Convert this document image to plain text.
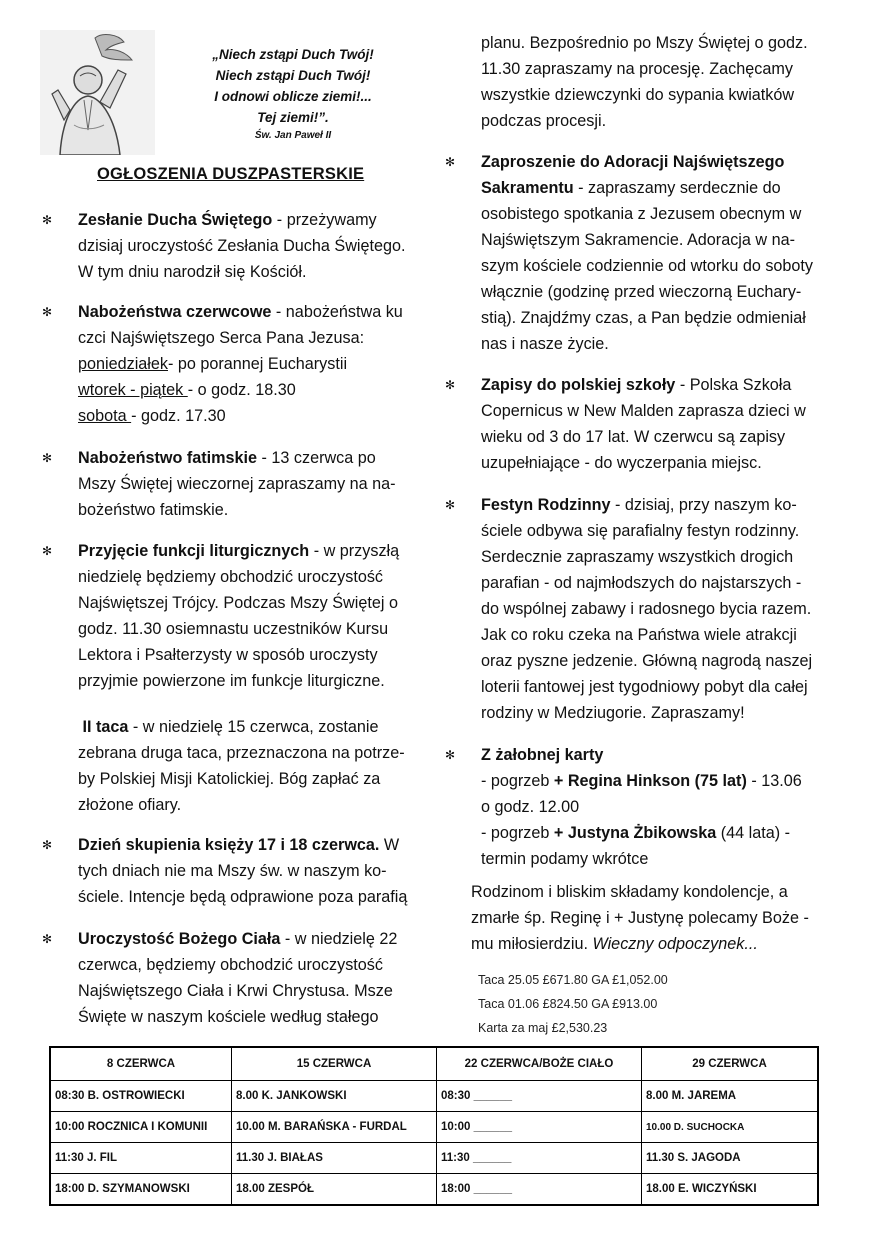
„Niech zstąpi Duch Twój!
Niech zstąpi Duch Twój!
I odnowi oblicze ziemi!...
Tej ziemi!”.
Św. Jan Paweł II
OGŁOSZENIA DUSZPASTERSKIE
✻ Zesłanie Ducha Świętego - przeżywamy
dzisiaj uroczystość Zesłania Ducha Świętego.
W tym dniu narodził się Kościół.
✻ Nabożeństwa czerwcowe - nabożeństwa ku
czci Najświętszego Serca Pana Jezusa:
poniedziałek- po porannej Eucharystii
wtorek - piątek - o godz. 18.30
sobota - godz. 17.30
✻ Nabożeństwo fatimskie - 13 czerwca po
Mszy Świętej wieczornej zapraszamy na na-
bożeństwo fatimskie.
✻ Przyjęcie funkcji liturgicznych - w przyszłą
niedzielę będziemy obchodzić uroczystość
Najświętszej Trójcy. Podczas Mszy Świętej o
godz. 11.30 osiemnastu uczestników Kursu
Lektora i Psałterzysty w sposób uroczysty
przyjmie powierzone im funkcje liturgiczne.
II taca - w niedzielę 15 czerwca, zostanie
zebrana druga taca, przeznaczona na potrze-
by Polskiej Misji Katolickiej. Bóg zapłać za
złożone ofiary.
✻ Dzień skupienia księży 17 i 18 czerwca. W
tych dniach nie ma Mszy św. w naszym ko-
ściele. Intencje będą odprawione poza parafią
✻ Uroczystość Bożego Ciała - w niedzielę 22
czerwca, będziemy obchodzić uroczystość
Najświętszego Ciała i Krwi Chrystusa. Msze
Święte w naszym kościele według stałego
planu. Bezpośrednio po Mszy Świętej o godz.
11.30 zapraszamy na procesję. Zachęcamy
wszystkie dziewczynki do sypania kwiatków
podczas procesji.
✻ Zaproszenie do Adoracji Najświętszego
Sakramentu - zapraszamy serdecznie do
osobistego spotkania z Jezusem obecnym w
Najświętszym Sakramencie. Adoracja w na-
szym kościele codziennie od wtorku do soboty
włącznie (godzinę przed wieczorną Euchary-
stią). Znajdźmy czas, a Pan będzie odmieniał
nas i nasze życie.
✻ Zapisy do polskiej szkoły - Polska Szkoła
Copernicus w New Malden zaprasza dzieci w
wieku od 3 do 17 lat. W czerwcu są zapisy
uzupełniające - do wyczerpania miejsc.
✻ Festyn Rodzinny - dzisiaj, przy naszym ko-
ściele odbywa się parafialny festyn rodzinny.
Serdecznie zapraszamy wszystkich drogich
parafian - od najmłodszych do najstarszych -
do wspólnej zabawy i radosnego bycia razem.
Jak co roku czeka na Państwa wiele atrakcji
oraz pyszne jedzenie. Główną nagrodą naszej
loterii fantowej jest tygodniowy pobyt dla całej
rodziny w Medziugorie. Zapraszamy!
✻ Z żałobnej karty
- pogrzeb + Regina Hinkson (75 lat) - 13.06
o godz. 12.00
- pogrzeb + Justyna Żbikowska (44 lata) -
termin podamy wkrótce
Rodzinom i bliskim składamy kondolencje, a
zmarłe śp. Reginę i + Justynę polecamy Boże -
mu miłosierdziu. Wieczny odpoczynek...
Taca 25.05 £671.80 GA £1,052.00
Taca 01.06 £824.50 GA £913.00
Karta za maj £2,530.23
8 CZERWCA	15 CZERWCA	22 CZERWCA/BOŻE CIAŁO	29 CZERWCA
08:30 B. OSTROWIECKI	8.00 K. JANKOWSKI	08:30 ______	8.00 M. JAREMA
10:00 ROCZNICA I KOMUNII	10.00 M. BARAŃSKA - FURDAL	10:00 ______	10.00 D. SUCHOCKA
11:30 J. FIL	11.30 J. BIAŁAS	11:30 ______	11.30 S. JAGODA
18:00 D. SZYMANOWSKI	18.00 ZESPÓŁ	18:00 ______	18.00 E. WICZYŃSKI
